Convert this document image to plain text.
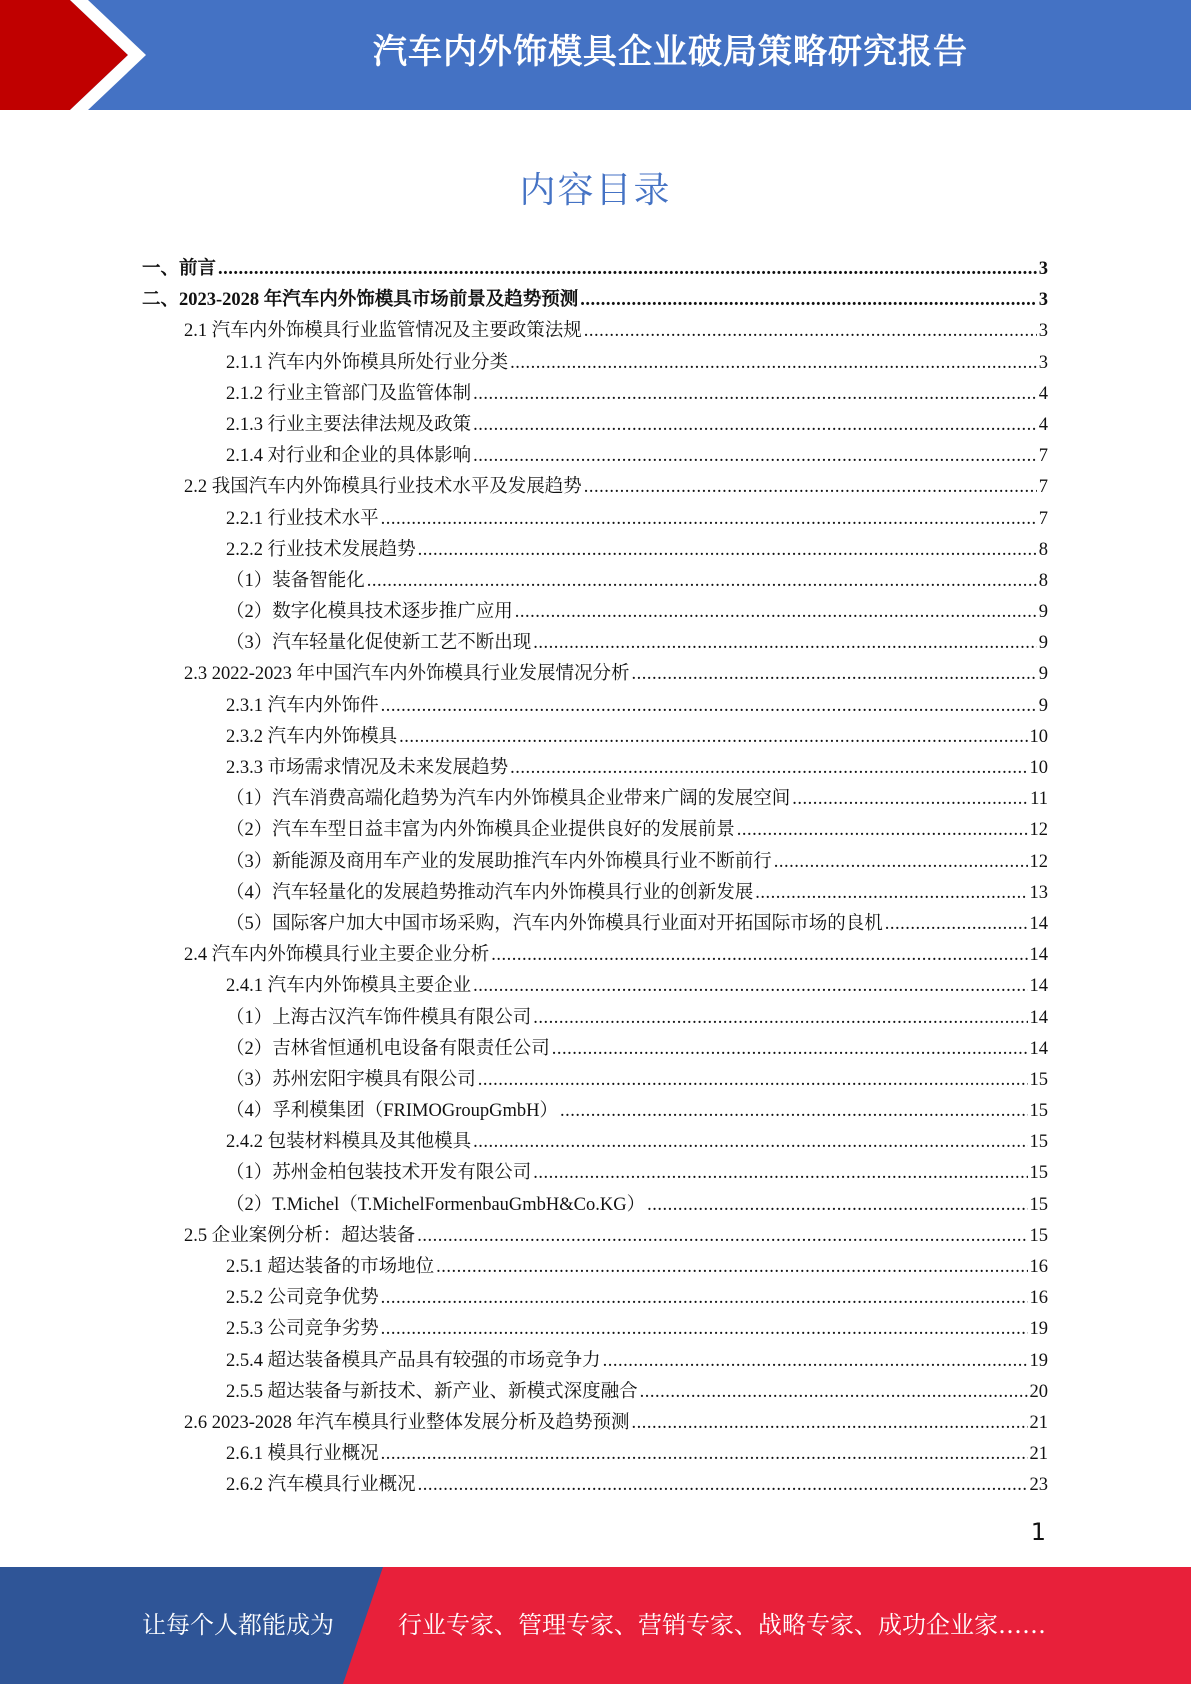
汽车内外饰模具企业破局策略研究报告
内容目录
一、前言 .....	3
二、2023-2028 年汽车内外饰模具市场前景及趋势预测 .....	3
2.1 汽车内外饰模具行业监管情况及主要政策法规 .....	3
2.1.1 汽车内外饰模具所处行业分类 .....	3
2.1.2 行业主管部门及监管体制 .....	4
2.1.3 行业主要法律法规及政策 .....	4
2.1.4 对行业和企业的具体影响 .....	7
2.2 我国汽车内外饰模具行业技术水平及发展趋势 .....	7
2.2.1 行业技术水平 .....	7
2.2.2 行业技术发展趋势 .....	8
（1）装备智能化 .....	8
（2）数字化模具技术逐步推广应用 .....	9
（3）汽车轻量化促使新工艺不断出现 .....	9
2.3 2022-2023 年中国汽车内外饰模具行业发展情况分析 .....	9
2.3.1 汽车内外饰件 .....	9
2.3.2 汽车内外饰模具 .....	10
2.3.3 市场需求情况及未来发展趋势 .....	10
（1）汽车消费高端化趋势为汽车内外饰模具企业带来广阔的发展空间 .....	11
（2）汽车车型日益丰富为内外饰模具企业提供良好的发展前景 .....	12
（3）新能源及商用车产业的发展助推汽车内外饰模具行业不断前行 .....	12
（4）汽车轻量化的发展趋势推动汽车内外饰模具行业的创新发展 .....	13
（5）国际客户加大中国市场采购，汽车内外饰模具行业面对开拓国际市场的良机 .....	14
2.4 汽车内外饰模具行业主要企业分析 .....	14
2.4.1 汽车内外饰模具主要企业 .....	14
（1）上海古汉汽车饰件模具有限公司 .....	14
（2）吉林省恒通机电设备有限责任公司 .....	14
（3）苏州宏阳宇模具有限公司 .....	15
（4）孚利模集团（FRIMOGroupGmbH） .....	15
2.4.2 包装材料模具及其他模具 .....	15
（1）苏州金柏包装技术开发有限公司 .....	15
（2）T.Michel（T.MichelFormenbauGmbH&Co.KG） .....	15
2.5 企业案例分析：超达装备 .....	15
2.5.1 超达装备的市场地位 .....	16
2.5.2 公司竞争优势 .....	16
2.5.3 公司竞争劣势 .....	19
2.5.4 超达装备模具产品具有较强的市场竞争力 .....	19
2.5.5 超达装备与新技术、新产业、新模式深度融合 .....	20
2.6 2023-2028 年汽车模具行业整体发展分析及趋势预测 .....	21
2.6.1 模具行业概况 .....	21
2.6.2 汽车模具行业概况 .....	23
1
让每个人都能成为	行业专家、管理专家、营销专家、战略专家、成功企业家……
